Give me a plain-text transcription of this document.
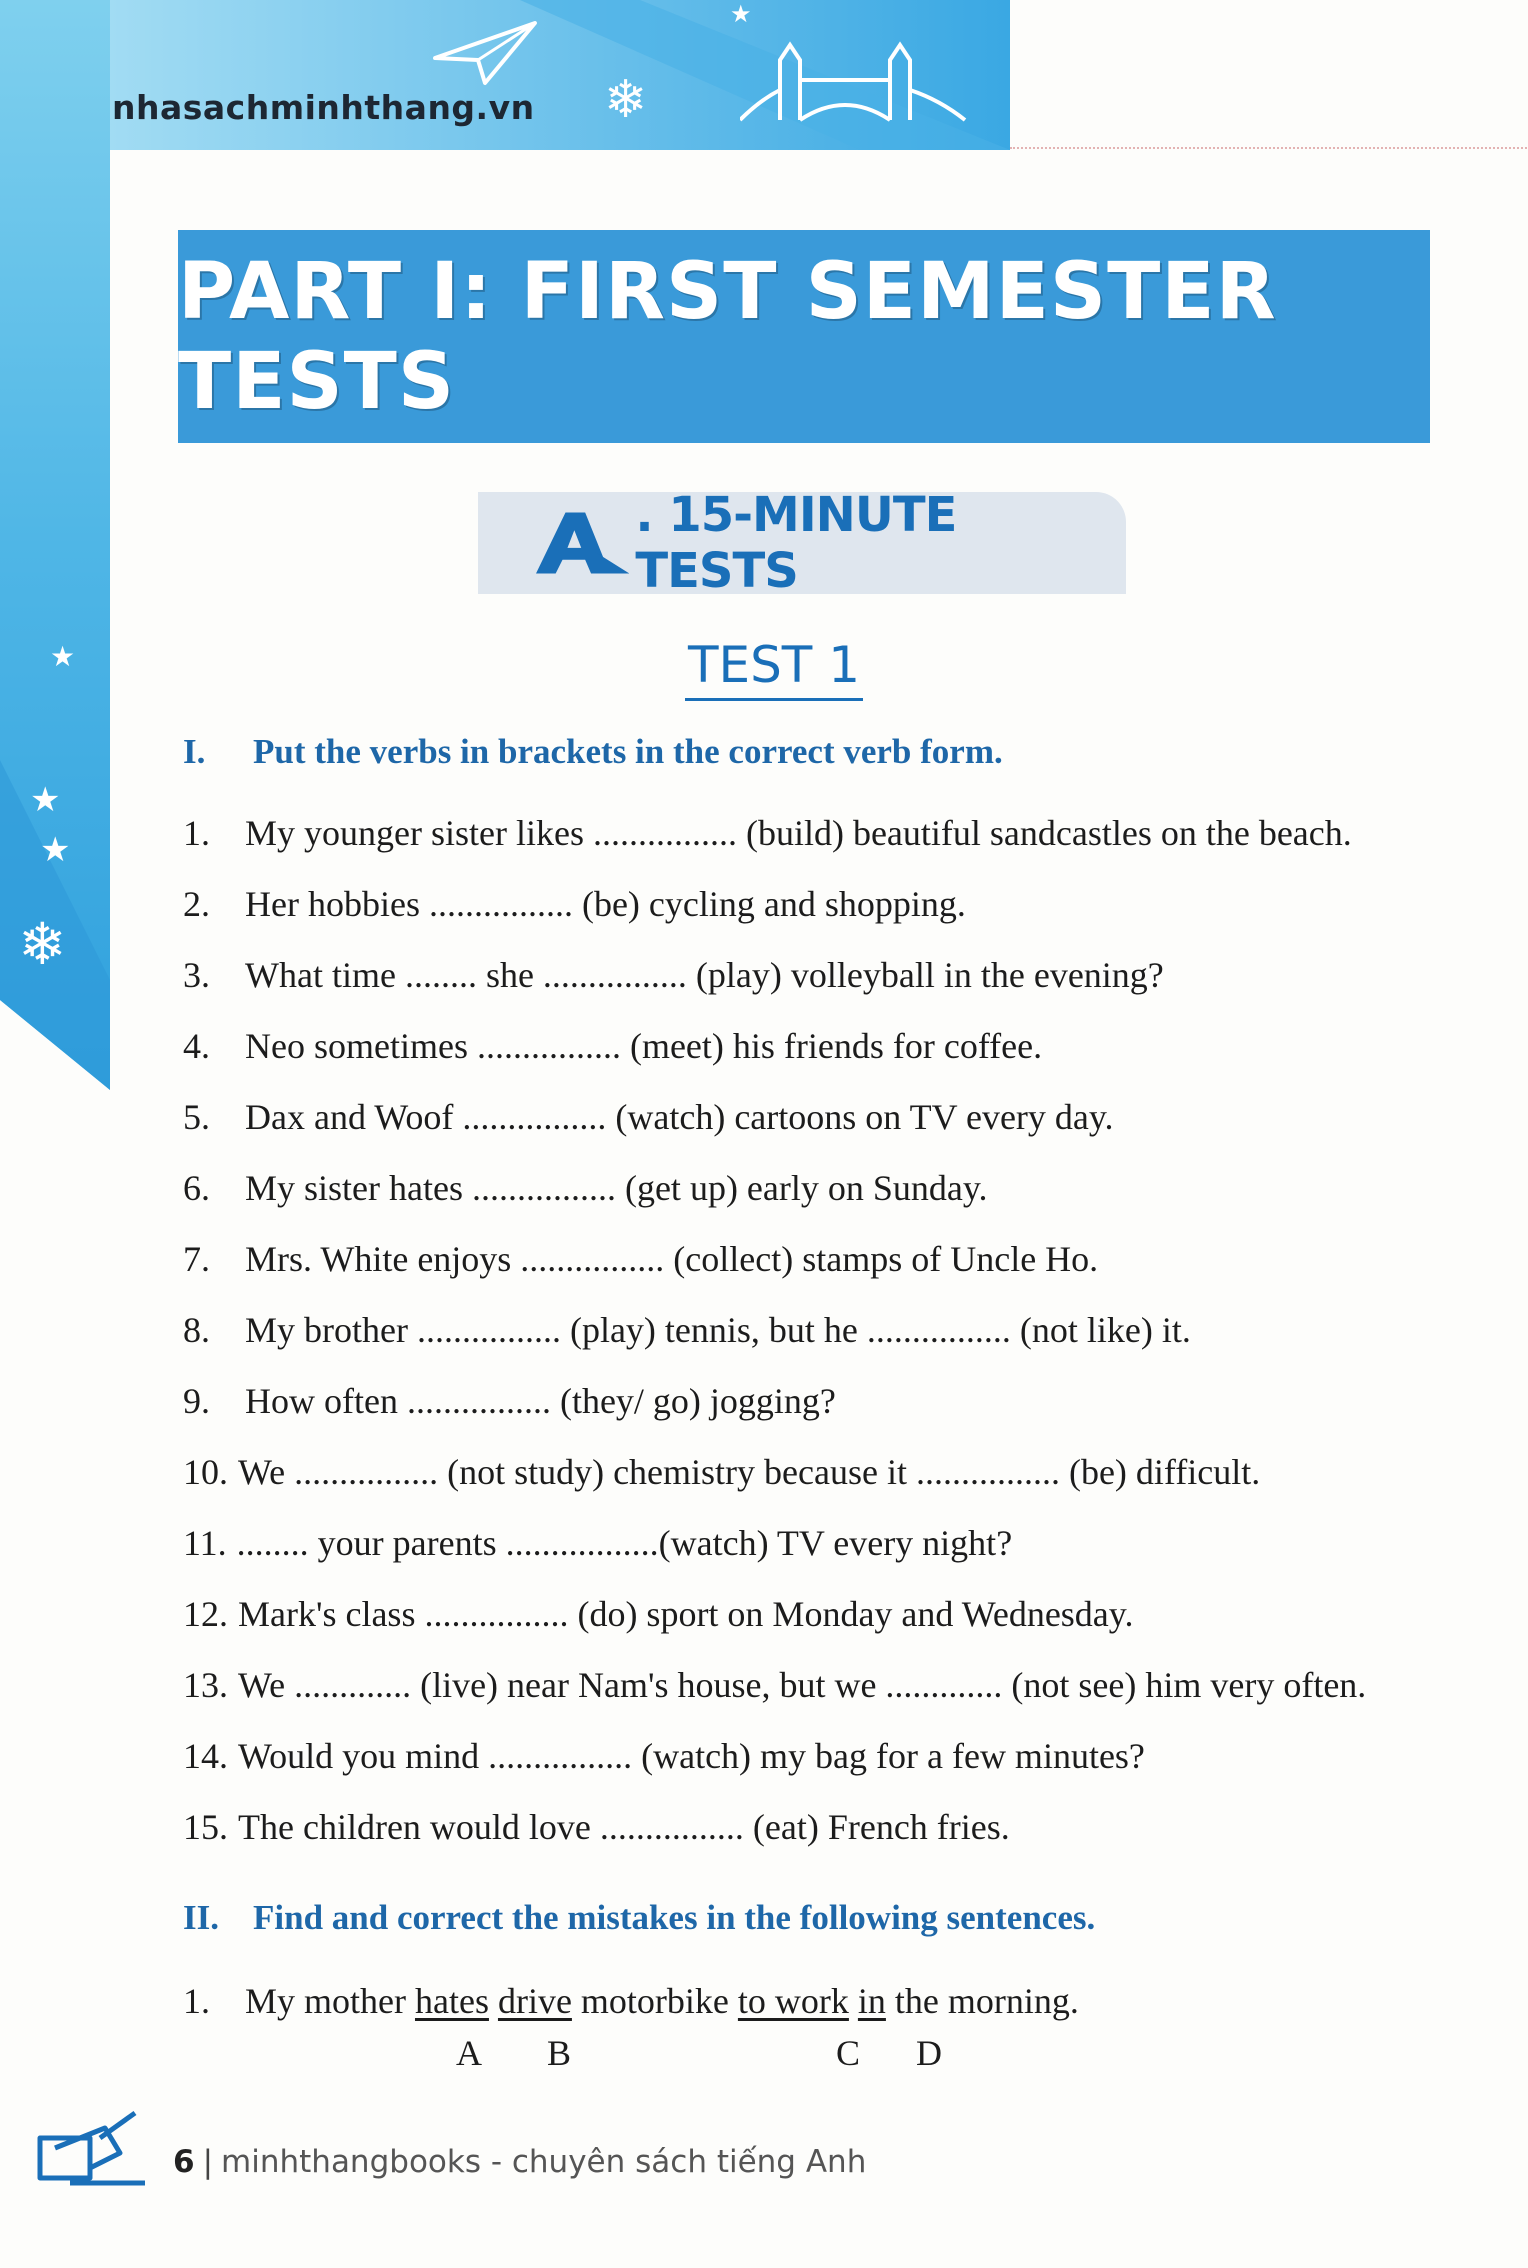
❄
★
★
★
❄
★
nhasachminhthang.vn
PART I: FIRST SEMESTER TESTS
. 15-MINUTE TESTS
TEST 1
I. Put the verbs in brackets in the correct verb form.
1. My younger sister likes ................ (build) beautiful sandcastles on the beach.
2. Her hobbies ................ (be) cycling and shopping.
3. What time ........ she ................ (play) volleyball in the evening?
4. Neo sometimes ................ (meet) his friends for coffee.
5. Dax and Woof ................ (watch) cartoons on TV every day.
6. My sister hates ................ (get up) early on Sunday.
7. Mrs. White enjoys ................ (collect) stamps of Uncle Ho.
8. My brother ................ (play) tennis, but he ................ (not like) it.
9. How often ................ (they/ go) jogging?
10. We ................ (not study) chemistry because it ................ (be) difficult.
11. ........ your parents .................(watch) TV every night?
12. Mark's class ................ (do) sport on Monday and Wednesday.
13. We ............. (live) near Nam's house, but we ............. (not see) him very often.
14. Would you mind ................ (watch) my bag for a few minutes?
15. The children would love ................ (eat) French fries.
II. Find and correct the mistakes in the following sentences.
1. My mother hates drive motorbike to work in the morning.
A B	C D
6 | minhthangbooks - chuyên sách tiếng Anh
